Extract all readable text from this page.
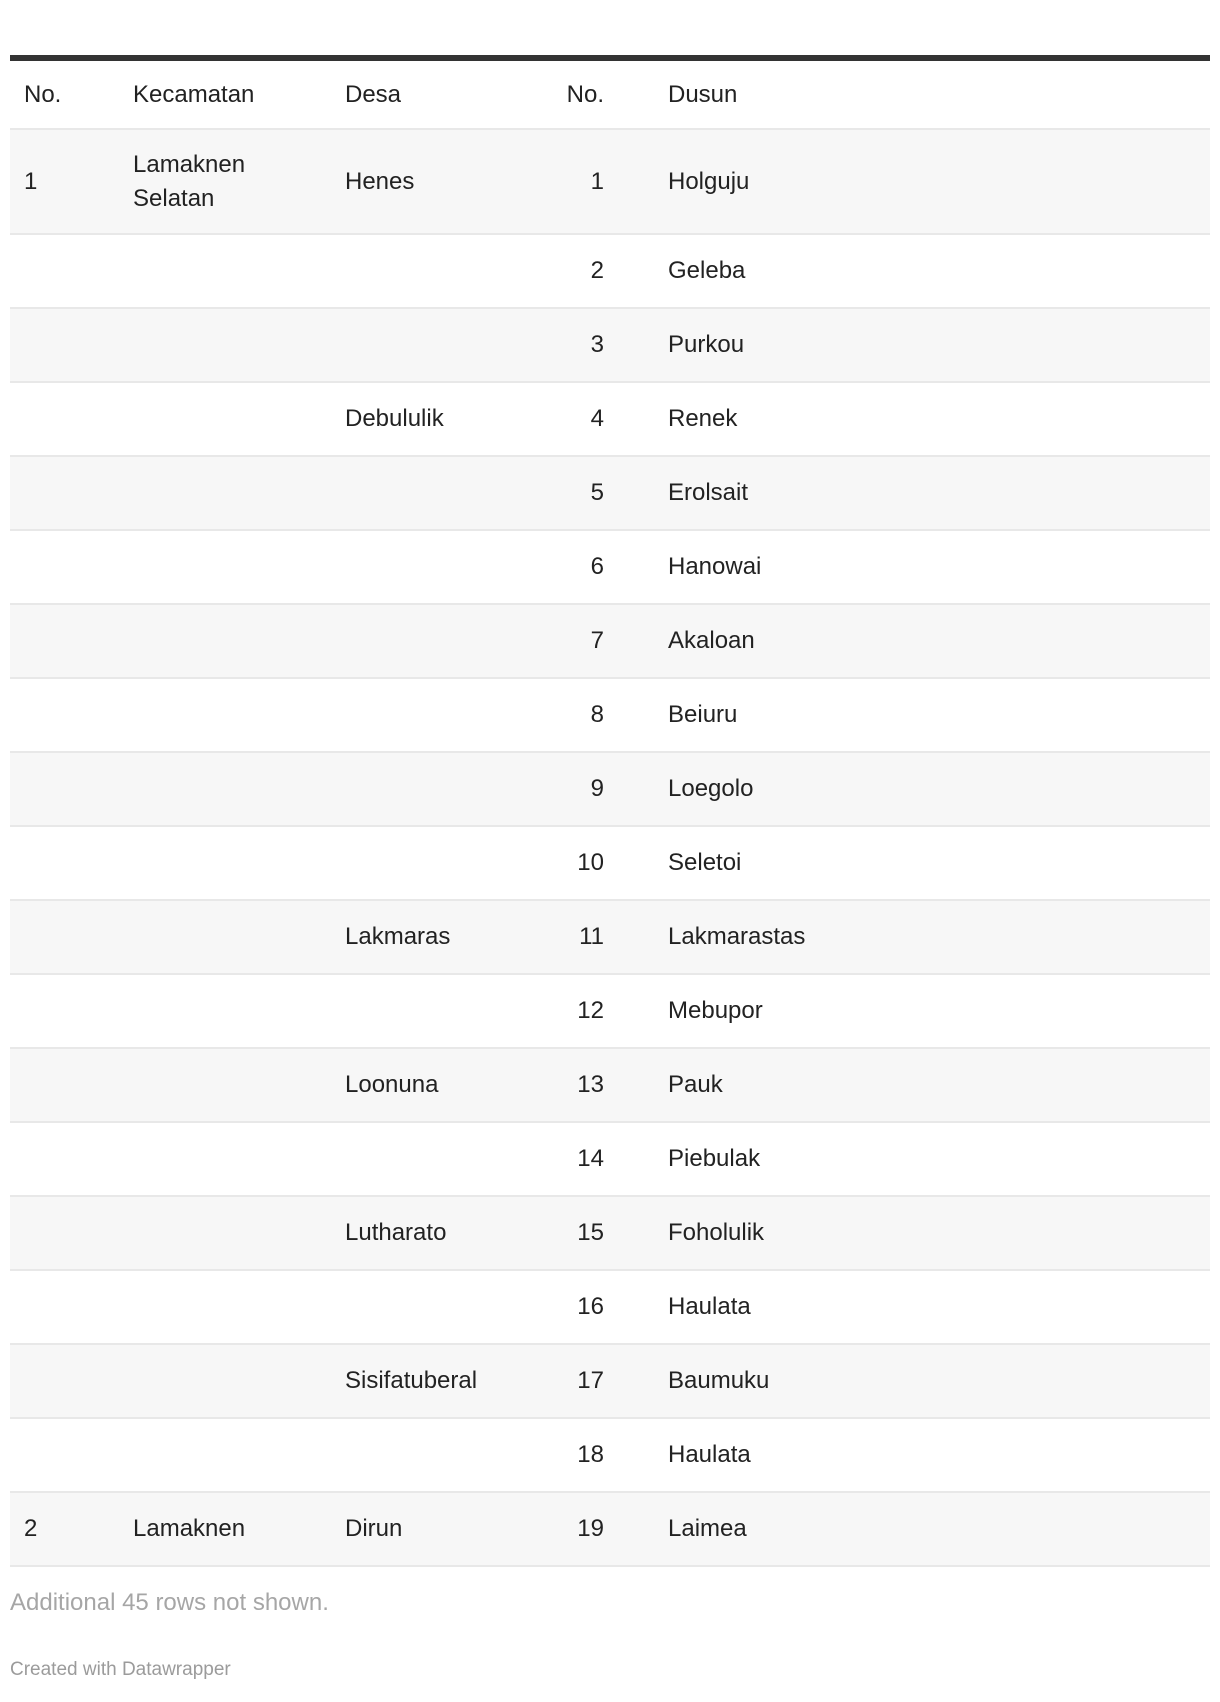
No.	Kecamatan	Desa	No.	Dusun
1	Lamaknen Selatan	Henes	1	Holguju
			2	Geleba
			3	Purkou
		Debululik	4	Renek
			5	Erolsait
			6	Hanowai
			7	Akaloan
			8	Beiuru
			9	Loegolo
			10	Seletoi
		Lakmaras	11	Lakmarastas
			12	Mebupor
		Loonuna	13	Pauk
			14	Piebulak
		Lutharato	15	Foholulik
			16	Haulata
		Sisifatuberal	17	Baumuku
			18	Haulata
2	Lamaknen	Dirun	19	Laimea
Additional 45 rows not shown.
Created with Datawrapper
